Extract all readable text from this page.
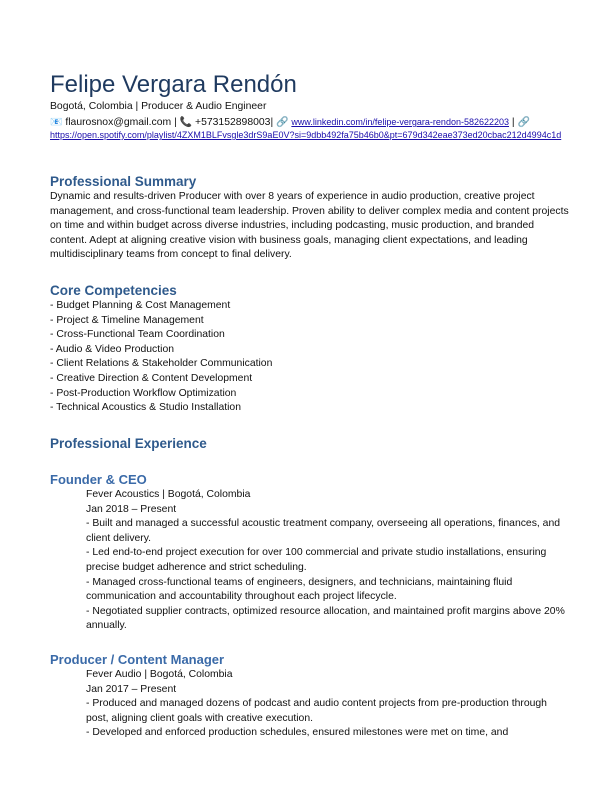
Felipe Vergara Rendón
Bogotá, Colombia | Producer & Audio Engineer
📧 flaurosnox@gmail.com | 📞 +573152898003| 🔗 www.linkedin.com/in/felipe-vergara-rendon-582622203 | 🔗
https://open.spotify.com/playlist/4ZXM1BLFvsgle3drS9aE0V?si=9dbb492fa75b46b0&pt=679d342eae373ed20cbac212d4994c1d
Professional Summary

Dynamic and results-driven Producer with over 8 years of experience in audio production, creative project management, and cross-functional team leadership. Proven ability to deliver complex media and content projects on time and within budget across diverse industries, including podcasting, music production, and branded content. Adept at aligning creative vision with business goals, managing client expectations, and leading multidisciplinary teams from concept to final delivery.

Core Competencies

- Budget Planning & Cost Management

- Project & Timeline Management

- Cross-Functional Team Coordination

- Audio & Video Production

- Client Relations & Stakeholder Communication

- Creative Direction & Content Development

- Post-Production Workflow Optimization

- Technical Acoustics & Studio Installation

Professional Experience
Founder & CEO

Fever Acoustics | Bogotá, Colombia

Jan 2018 – Present

- Built and managed a successful acoustic treatment company, overseeing all operations, finances, and client delivery.

- Led end-to-end project execution for over 100 commercial and private studio installations, ensuring precise budget adherence and strict scheduling.

- Managed cross-functional teams of engineers, designers, and technicians, maintaining fluid communication and accountability throughout each project lifecycle.

- Negotiated supplier contracts, optimized resource allocation, and maintained profit margins above 20% annually.

Producer / Content Manager

Fever Audio | Bogotá, Colombia

Jan 2017 – Present

- Produced and managed dozens of podcast and audio content projects from pre-production through post, aligning client goals with creative execution.

- Developed and enforced production schedules, ensured milestones were met on time, and
